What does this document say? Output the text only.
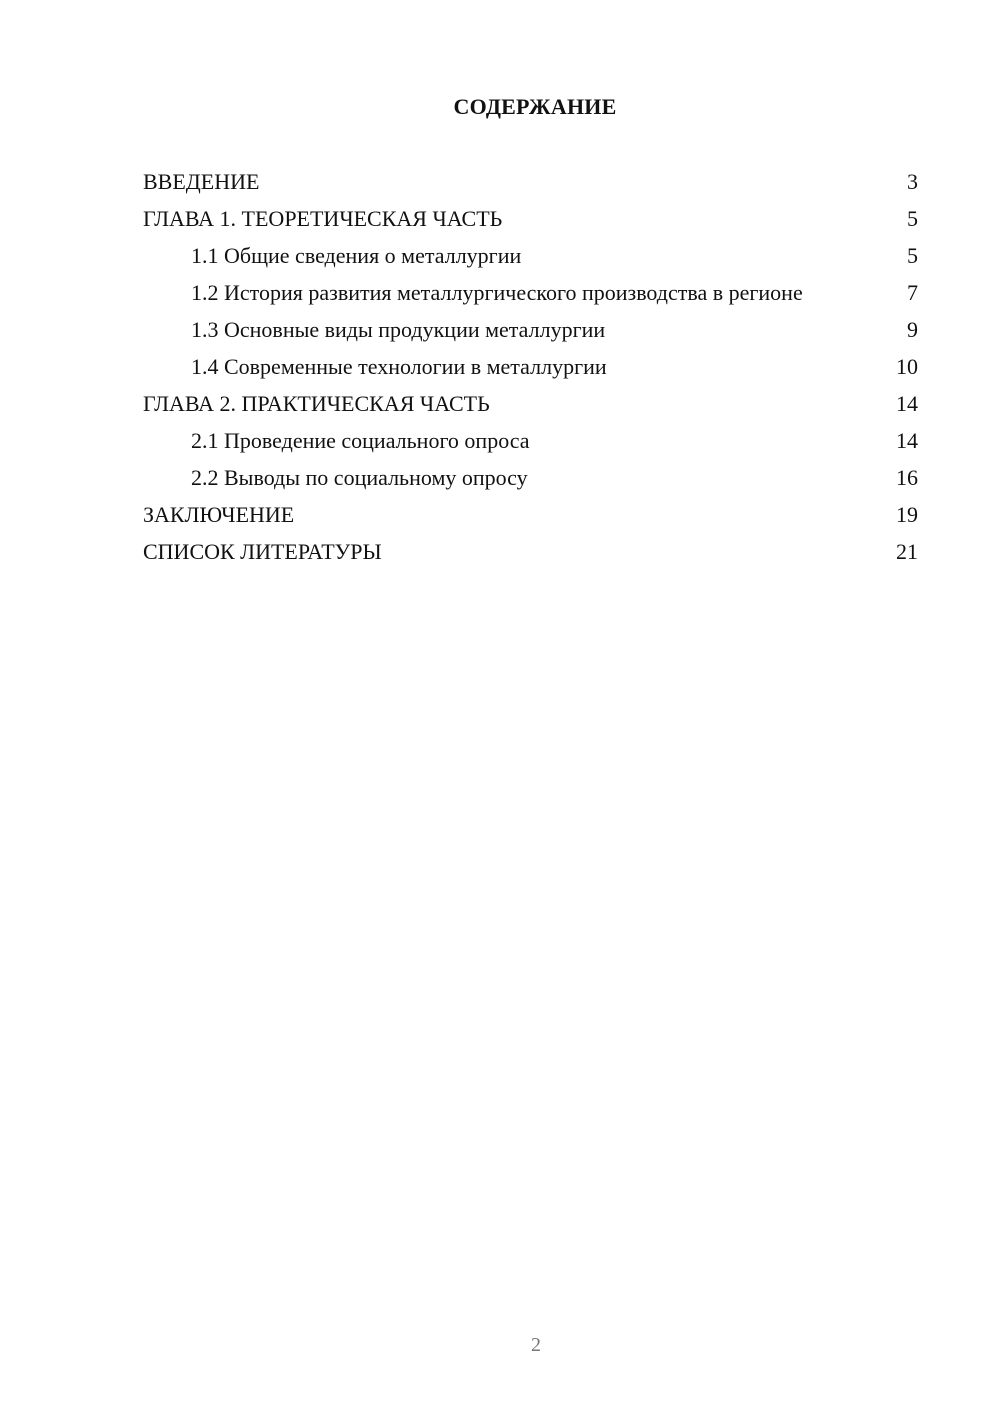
СОДЕРЖАНИЕ
ВВЕДЕНИЕ	3
ГЛАВА 1. ТЕОРЕТИЧЕСКАЯ ЧАСТЬ	5
1.1 Общие сведения о металлургии	5
1.2 История развития металлургического производства в регионе	7
1.3 Основные виды продукции металлургии	9
1.4 Современные технологии в металлургии	10
ГЛАВА 2. ПРАКТИЧЕСКАЯ ЧАСТЬ	14
2.1 Проведение социального опроса	14
2.2 Выводы по социальному опросу	16
ЗАКЛЮЧЕНИЕ	19
СПИСОК ЛИТЕРАТУРЫ	21
2
